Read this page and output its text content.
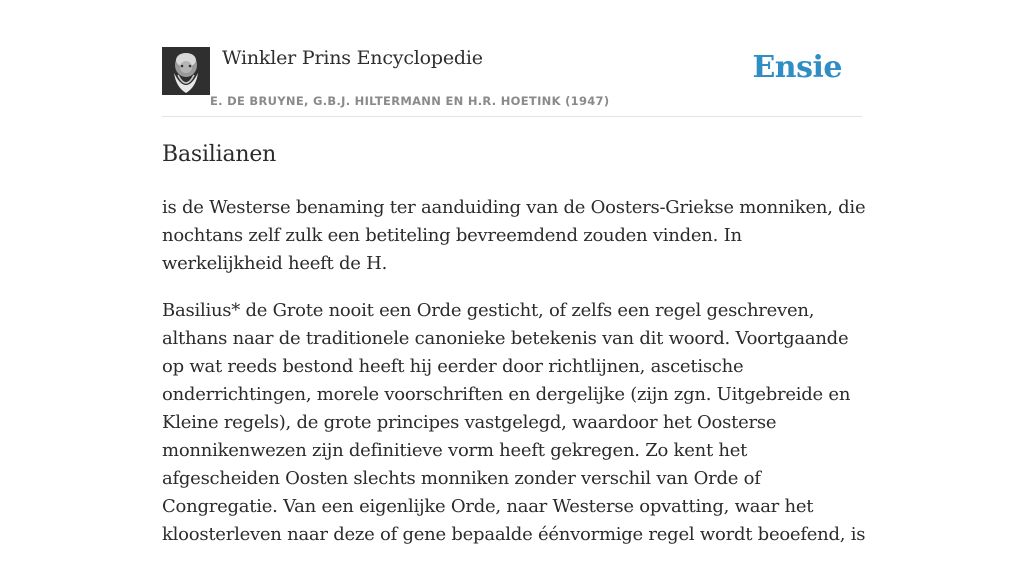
Winkler Prins Encyclopedie
E. DE BRUYNE, G.B.J. HILTERMANN EN H.R. HOETINK (1947)
Ensie
Basilianen

is de Westerse benaming ter aanduiding van de Oosters-Griekse monniken, die nochtans zelf zulk een betiteling bevreemdend zouden vinden. In werkelijkheid heeft de H.

Basilius* de Grote nooit een Orde gesticht, of zelfs een regel geschreven, althans naar de traditionele canonieke betekenis van dit woord. Voortgaande op wat reeds bestond heeft hij eerder door richtlijnen, ascetische onderrichtingen, morele voorschriften en dergelijke (zijn zgn. Uitgebreide en Kleine regels), de grote principes vastgelegd, waardoor het Oosterse monnikenwezen zijn definitieve vorm heeft gekregen. Zo kent het afgescheiden Oosten slechts monniken zonder verschil van Orde of Congregatie. Van een eigenlijke Orde, naar Westerse opvatting, waar het kloosterleven naar deze of gene bepaalde éénvormige regel wordt beoefend, is
